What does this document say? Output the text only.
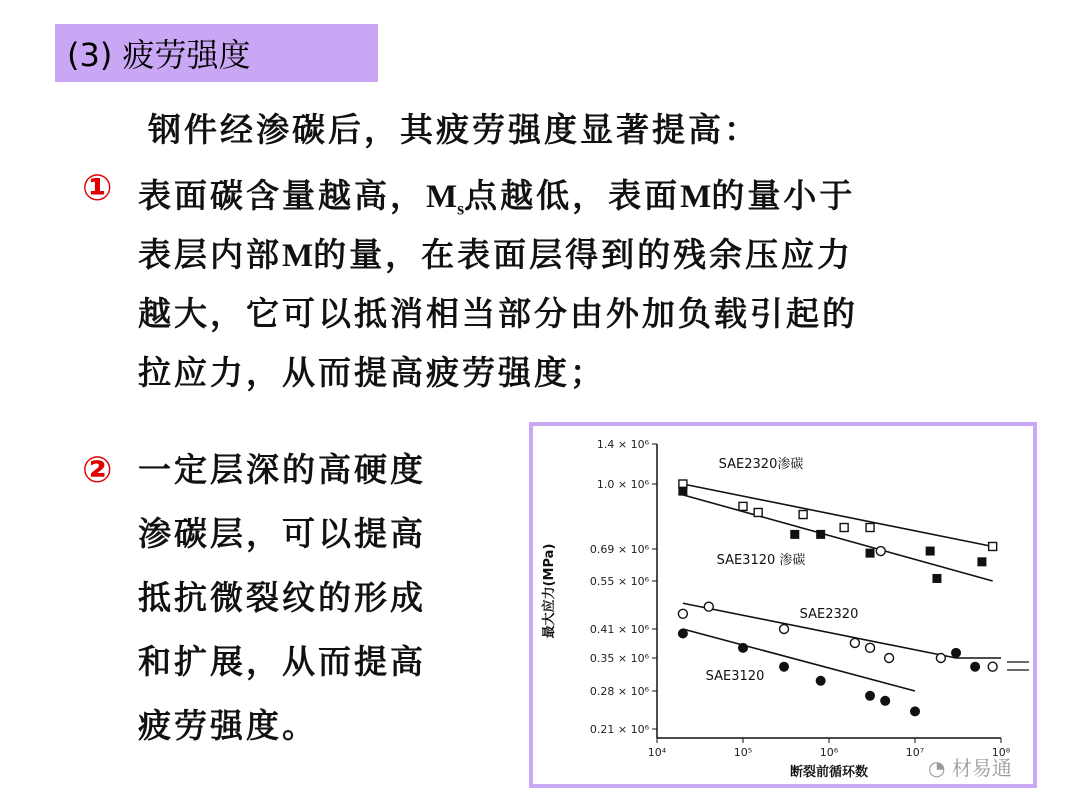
(3) 疲劳强度
钢件经渗碳后，其疲劳强度显著提高：
① 表面碳含量越高，$M_s$点越低，表面M的量小于
表层内部M的量，在表面层得到的残余压应力
越大，它可以抵消相当部分由外加负载引起的
拉应力，从而提高疲劳强度；
② 一定层深的高硬度
渗碳层，可以提高
抵抗微裂纹的形成
和扩展，从而提高
疲劳强度。
1.4 × 10⁶
1.0 × 10⁶
0.69 × 10⁶
0.55 × 10⁶
0.41 × 10⁶
0.35 × 10⁶
0.28 × 10⁶
0.21 × 10⁶
10⁴	10⁵	10⁶	10⁷	10⁸
断裂前循环数
最大应力(MPa)
SAE2320渗碳
SAE3120 渗碳
SAE2320
SAE3120
◔ 材易通
